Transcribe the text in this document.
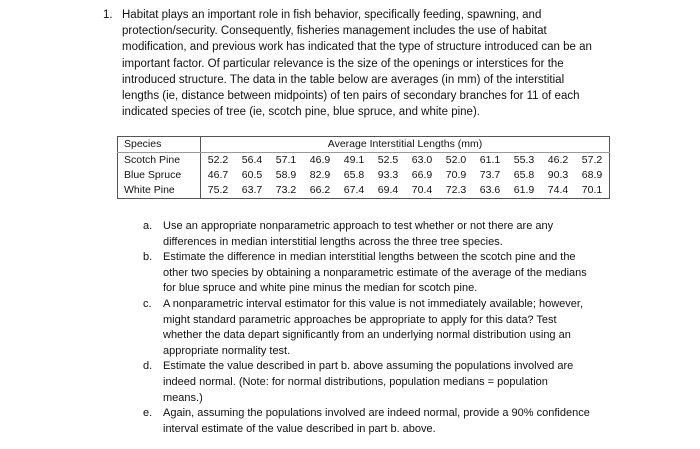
1. Habitat plays an important role in fish behavior, specifically feeding, spawning, and
protection/security. Consequently, fisheries management includes the use of habitat
modification, and previous work has indicated that the type of structure introduced can be an
important factor. Of particular relevance is the size of the openings or interstices for the
introduced structure. The data in the table below are averages (in mm) of the interstitial
lengths (ie, distance between midpoints) of ten pairs of secondary branches for 11 of each
indicated species of tree (ie, scotch pine, blue spruce, and white pine).
Species	Average Interstitial Lengths (mm)											
Scotch Pine	52.2	56.4	57.1	46.9	49.1	52.5	63.0	52.0	61.1	55.3	46.2	57.2
Blue Spruce	46.7	60.5	58.9	82.9	65.8	93.3	66.9	70.9	73.7	65.8	90.3	68.9
White Pine	75.2	63.7	73.2	66.2	67.4	69.4	70.4	72.3	63.6	61.9	74.4	70.1
a. Use an appropriate nonparametric approach to test whether or not there are any
differences in median interstitial lengths across the three tree species.
b. Estimate the difference in median interstitial lengths between the scotch pine and the
other two species by obtaining a nonparametric estimate of the average of the medians
for blue spruce and white pine minus the median for scotch pine.
c. A nonparametric interval estimator for this value is not immediately available; however,
might standard parametric approaches be appropriate to apply for this data? Test
whether the data depart significantly from an underlying normal distribution using an
appropriate normality test.
d. Estimate the value described in part b. above assuming the populations involved are
indeed normal. (Note: for normal distributions, population medians = population
means.)
e. Again, assuming the populations involved are indeed normal, provide a 90% confidence
interval estimate of the value described in part b. above.
